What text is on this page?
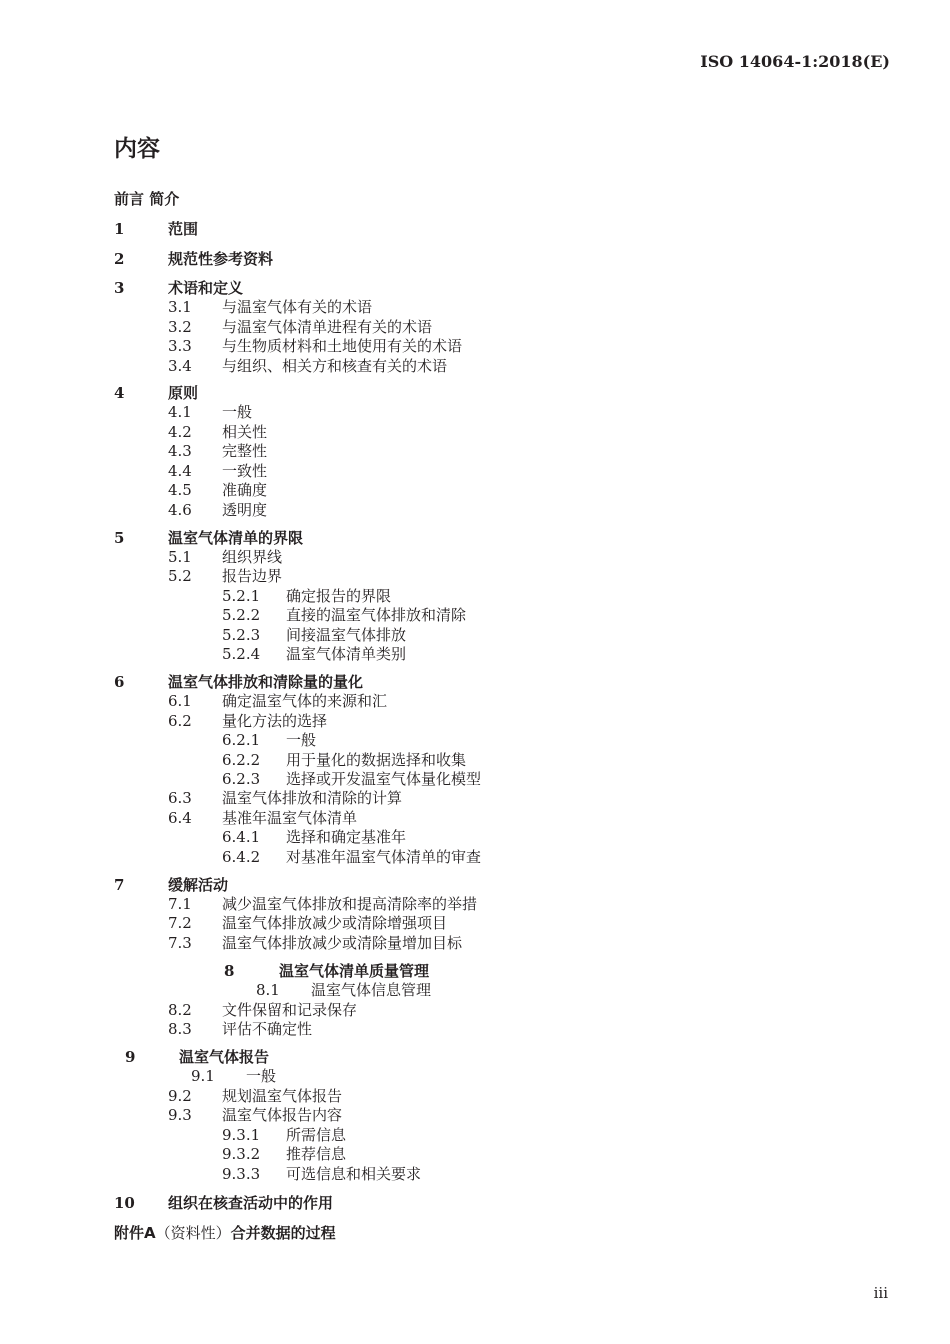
ISO 14064-1:2018(E)
内容
前言 简介
1	范围
2	规范性参考资料
3	术语和定义
3.1 与温室气体有关的术语
3.2 与温室气体清单进程有关的术语
3.3 与生物质材料和土地使用有关的术语
3.4 与组织、相关方和核查有关的术语
4	原则
4.1 一般
4.2 相关性
4.3 完整性
4.4 一致性
4.5 准确度
4.6 透明度
5	温室气体清单的界限
5.1 组织界线
5.2 报告边界
5.2.1 确定报告的界限
5.2.2 直接的温室气体排放和清除
5.2.3 间接温室气体排放
5.2.4 温室气体清单类别
6	温室气体排放和清除量的量化
6.1 确定温室气体的来源和汇
6.2 量化方法的选择
6.2.1 一般
6.2.2 用于量化的数据选择和收集
6.2.3 选择或开发温室气体量化模型
6.3 温室气体排放和清除的计算
6.4 基准年温室气体清单
6.4.1 选择和确定基准年
6.4.2 对基准年温室气体清单的审查
7	缓解活动
7.1 减少温室气体排放和提高清除率的举措
7.2 温室气体排放减少或清除增强项目
7.3 温室气体排放减少或清除量增加目标
8	温室气体清单质量管理
8.1 温室气体信息管理
8.2 文件保留和记录保存
8.3 评估不确定性
9	温室气体报告
9.1 一般
9.2 规划温室气体报告
9.3 温室气体报告内容
9.3.1 所需信息
9.3.2 推荐信息
9.3.3 可选信息和相关要求
10 组织在核查活动中的作用
附件A（资料性）合并数据的过程
iii
